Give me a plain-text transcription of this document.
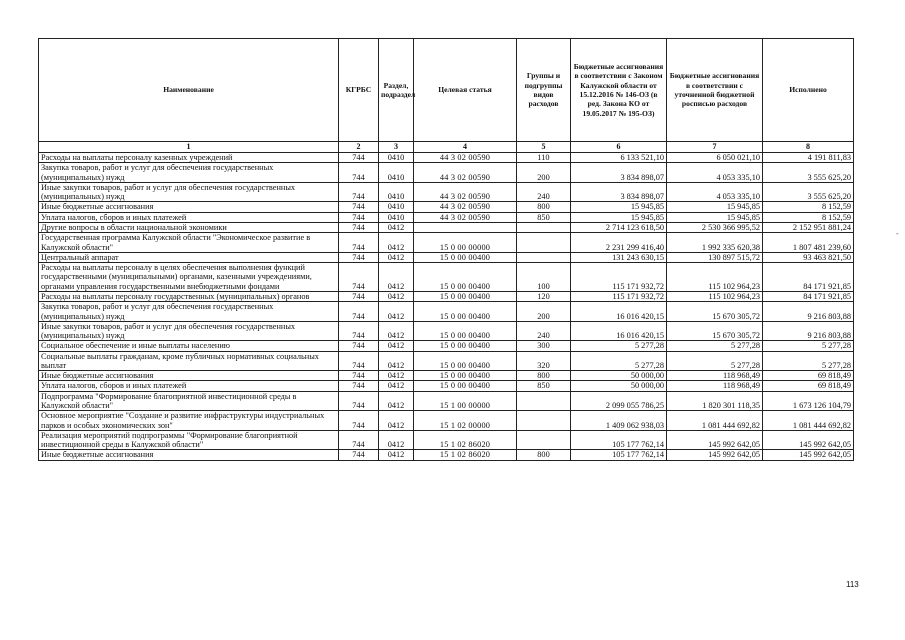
Наименование	КГРБС	Раздел, подраздел	Целевая статья	Группы и подгруппы видов расходов	Бюджетные ассигнования в соответствии с Законом Калужской области от 15.12.2016 № 146-ОЗ (в ред. Закона КО от 19.05.2017 № 195-ОЗ)	Бюджетные ассигнования в соответствии с уточненной бюджетной росписью расходов	Исполнено
1	2	3	4	5	6	7	8
Расходы на выплаты персоналу казенных учреждений	744	0410	44 3 02 00590	110	6 133 521,10	6 050 021,10	4 191 811,83
Закупка товаров, работ и услуг для обеспечения государственных (муниципальных) нужд	744	0410	44 3 02 00590	200	3 834 898,07	4 053 335,10	3 555 625,20
Иные закупки товаров, работ и услуг для обеспечения государственных (муниципальных) нужд	744	0410	44 3 02 00590	240	3 834 898,07	4 053 335,10	3 555 625,20
Иные бюджетные ассигнования	744	0410	44 3 02 00590	800	15 945,85	15 945,85	8 152,59
Уплата налогов, сборов и иных платежей	744	0410	44 3 02 00590	850	15 945,85	15 945,85	8 152,59
Другие вопросы в области национальной экономики	744	0412			2 714 123 618,50	2 530 366 995,52	2 152 951 881,24
Государственная программа Калужской области "Экономическое развитие в Калужской области"	744	0412	15 0 00 00000		2 231 299 416,40	1 992 335 620,38	1 807 481 239,60
Центральный аппарат	744	0412	15 0 00 00400		131 243 630,15	130 897 515,72	93 463 821,50
Расходы на выплаты персоналу в целях обеспечения выполнения функций государственными (муниципальными) органами, казенными учреждениями, органами управления государственными внебюджетными фондами	744	0412	15 0 00 00400	100	115 171 932,72	115 102 964,23	84 171 921,85
Расходы на выплаты персоналу государственных (муниципальных) органов	744	0412	15 0 00 00400	120	115 171 932,72	115 102 964,23	84 171 921,85
Закупка товаров, работ и услуг для обеспечения государственных (муниципальных) нужд	744	0412	15 0 00 00400	200	16 016 420,15	15 670 305,72	9 216 803,88
Иные закупки товаров, работ и услуг для обеспечения государственных (муниципальных) нужд	744	0412	15 0 00 00400	240	16 016 420,15	15 670 305,72	9 216 803,88
Социальное обеспечение и иные выплаты населению	744	0412	15 0 00 00400	300	5 277,28	5 277,28	5 277,28
Социальные выплаты гражданам, кроме публичных нормативных социальных выплат	744	0412	15 0 00 00400	320	5 277,28	5 277,28	5 277,28
Иные бюджетные ассигнования	744	0412	15 0 00 00400	800	50 000,00	118 968,49	69 818,49
Уплата налогов, сборов и иных платежей	744	0412	15 0 00 00400	850	50 000,00	118 968,49	69 818,49
Подпрограмма "Формирование благоприятной инвестиционной среды в Калужской области"	744	0412	15 1 00 00000		2 099 055 786,25	1 820 301 118,35	1 673 126 104,79
Основное мероприятие "Создание и развитие инфраструктуры индустриальных парков и особых экономических зон"	744	0412	15 1 02 00000		1 409 062 938,03	1 081 444 692,82	1 081 444 692,82
Реализация мероприятий подпрограммы "Формирование благоприятной инвестиционной среды в Калужской области"	744	0412	15 1 02 86020		105 177 762,14	145 992 642,05	145 992 642,05
Иные бюджетные ассигнования	744	0412	15 1 02 86020	800	105 177 762,14	145 992 642,05	145 992 642,05
113
-
